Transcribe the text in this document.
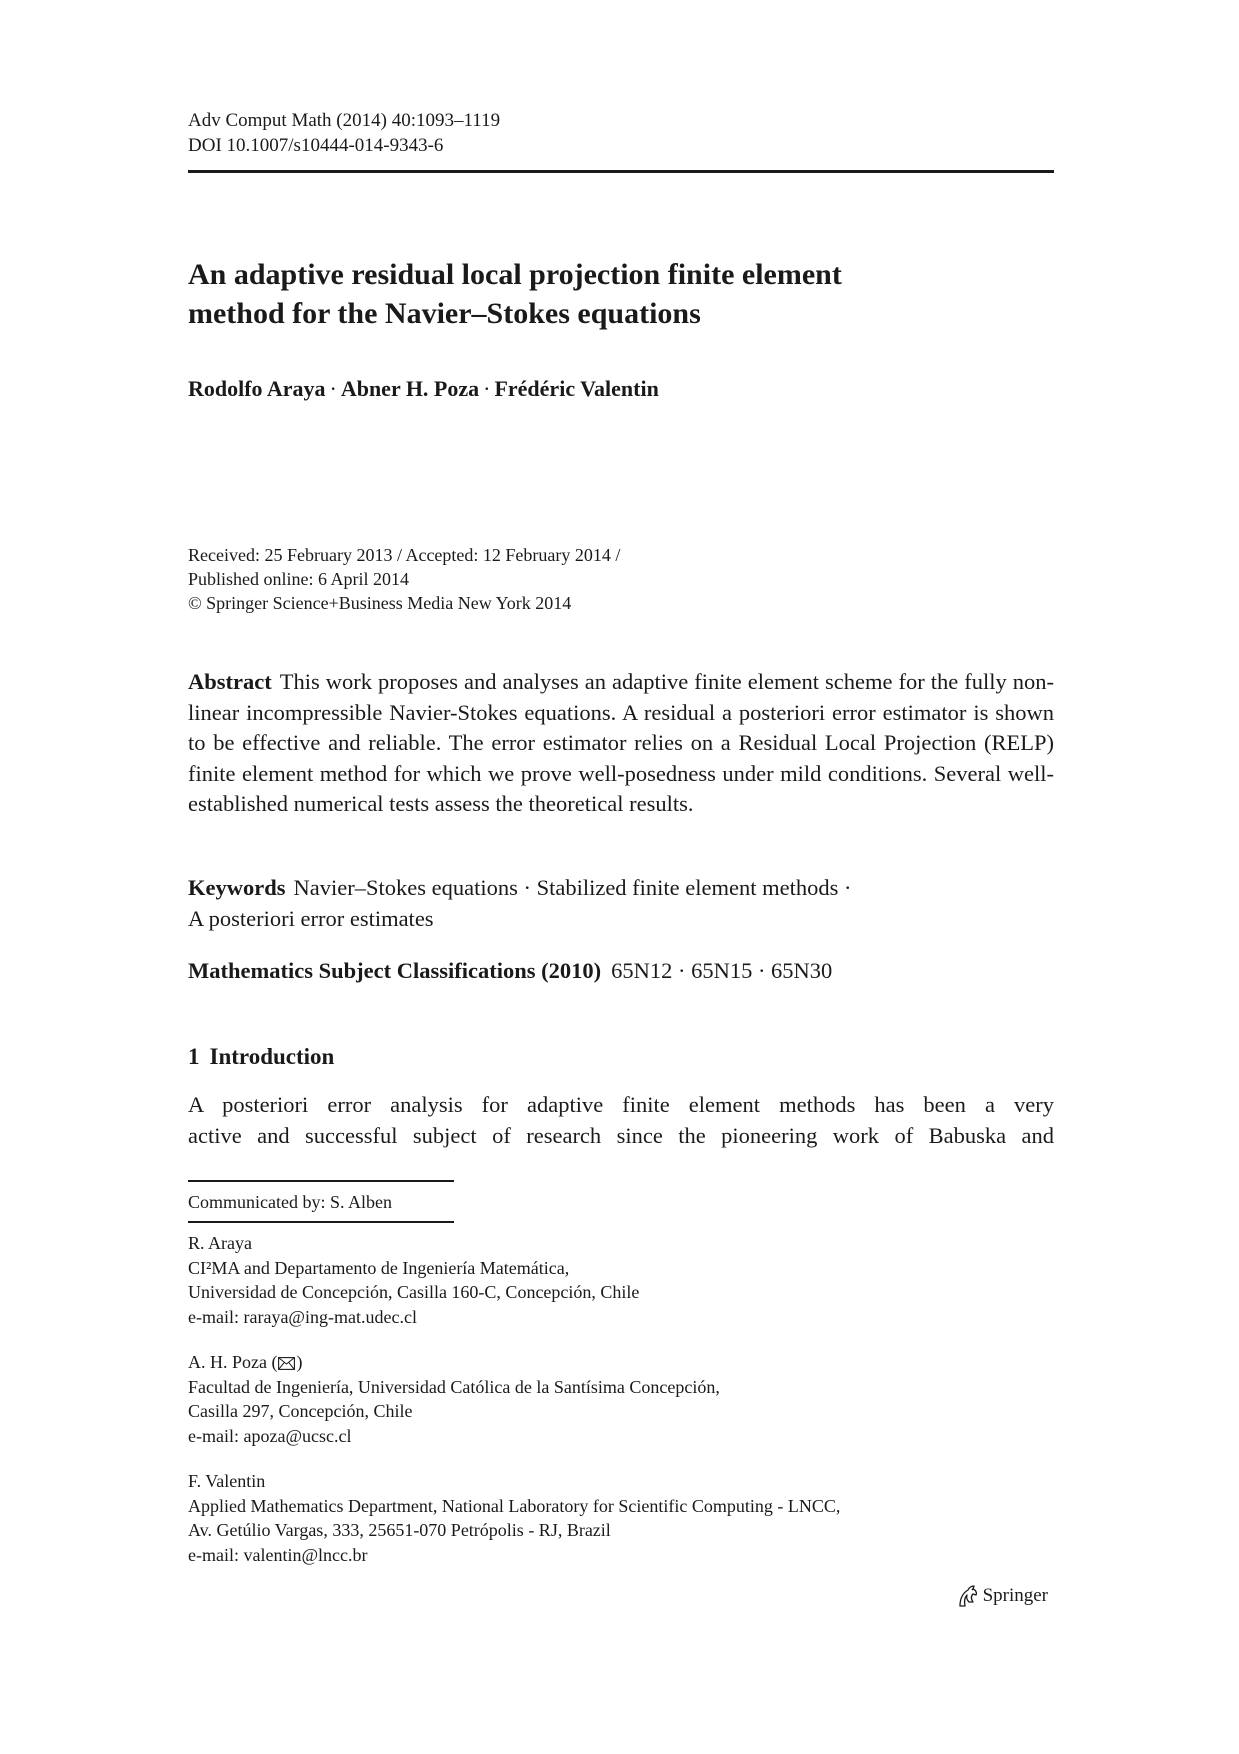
Adv Comput Math (2014) 40:1093–1119
DOI 10.1007/s10444-014-9343-6
An adaptive residual local projection finite element
method for the Navier–Stokes equations
Rodolfo Araya · Abner H. Poza · Frédéric Valentin
Received: 25 February 2013 / Accepted: 12 February 2014 /
Published online: 6 April 2014
© Springer Science+Business Media New York 2014

Abstract This work proposes and analyses an adaptive finite element scheme for the fully non-linear incompressible Navier-Stokes equations. A residual a posteriori error estimator is shown to be effective and reliable. The error estimator relies on a Residual Local Projection (RELP) finite element method for which we prove well-posedness under mild conditions. Several well-established numerical tests assess the theoretical results.

Keywords Navier–Stokes equations · Stabilized finite element methods ·
A posteriori error estimates
Mathematics Subject Classifications (2010) 65N12 · 65N15 · 65N30
1 Introduction
A posteriori error analysis for adaptive finite element methods has been a very
active and successful subject of research since the pioneering work of Babuska and
Communicated by: S. Alben
R. Araya
CI²MA and Departamento de Ingeniería Matemática,
Universidad de Concepción, Casilla 160-C, Concepción, Chile
e-mail: raraya@ing-mat.udec.cl
A. H. Poza ( )
Facultad de Ingeniería, Universidad Católica de la Santísima Concepción,
Casilla 297, Concepción, Chile
e-mail: apoza@ucsc.cl
F. Valentin
Applied Mathematics Department, National Laboratory for Scientific Computing - LNCC,
Av. Getúlio Vargas, 333, 25651-070 Petrópolis - RJ, Brazil
e-mail: valentin@lncc.br
Springer
